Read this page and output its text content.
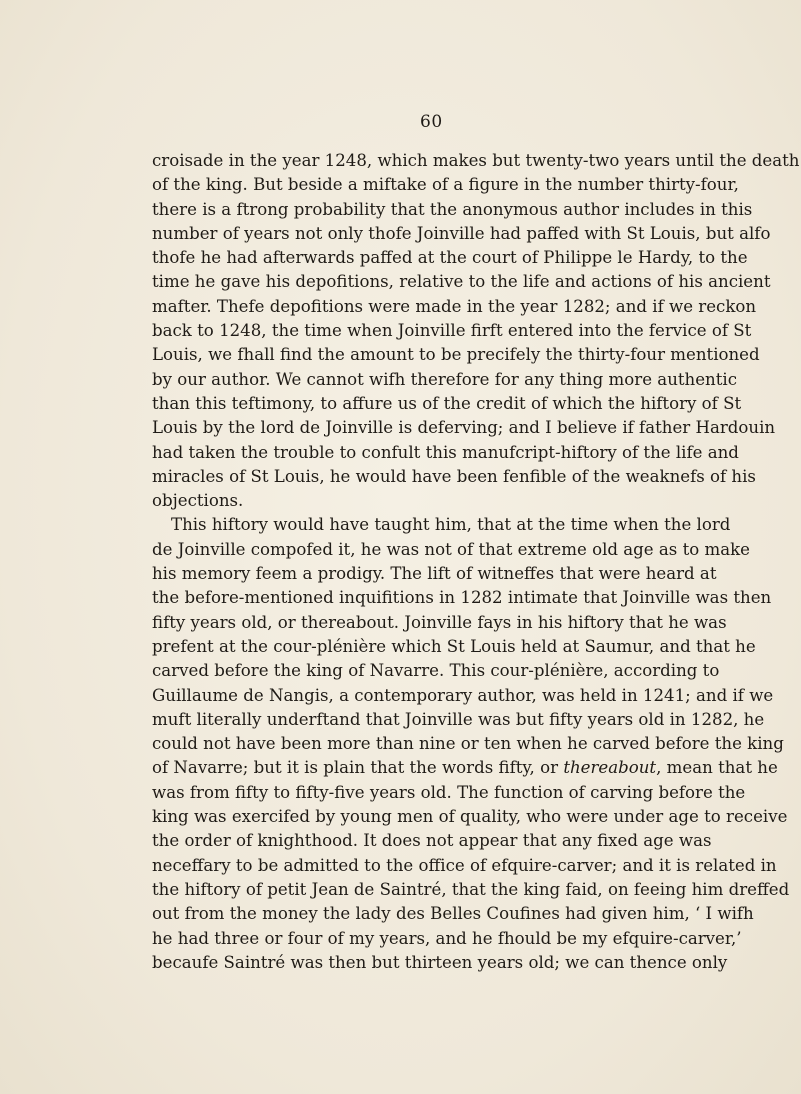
60
croisade in the year 1248, which makes but twenty-two years until the death
of the king. But beside a miftake of a figure in the number thirty-four,
there is a ftrong probability that the anonymous author includes in this
number of years not only thofe Joinville had paffed with St Louis, but alfo
thofe he had afterwards paffed at the court of Philippe le Hardy, to the
time he gave his depofitions, relative to the life and actions of his ancient
mafter. Thefe depofitions were made in the year 1282; and if we reckon
back to 1248, the time when Joinville firft entered into the fervice of St
Louis, we fhall find the amount to be precifely the thirty-four mentioned
by our author. We cannot wifh therefore for any thing more authentic
than this teftimony, to affure us of the credit of which the hiftory of St
Louis by the lord de Joinville is deferving; and I believe if father Hardouin
had taken the trouble to confult this manufcript-hiftory of the life and
miracles of St Louis, he would have been fenfible of the weaknefs of his
objections.
This hiftory would have taught him, that at the time when the lord
de Joinville compofed it, he was not of that extreme old age as to make
his memory feem a prodigy. The lift of witneffes that were heard at
the before-mentioned inquifitions in 1282 intimate that Joinville was then
fifty years old, or thereabout. Joinville fays in his hiftory that he was
prefent at the cour-plénière which St Louis held at Saumur, and that he
carved before the king of Navarre. This cour-plénière, according to
Guillaume de Nangis, a contemporary author, was held in 1241; and if we
muft literally underftand that Joinville was but fifty years old in 1282, he
could not have been more than nine or ten when he carved before the king
of Navarre; but it is plain that the words fifty, or thereabout, mean that he
was from fifty to fifty-five years old. The function of carving before the
king was exercifed by young men of quality, who were under age to receive
the order of knighthood. It does not appear that any fixed age was
neceffary to be admitted to the office of efquire-carver; and it is related in
the hiftory of petit Jean de Saintré, that the king faid, on feeing him dreffed
out from the money the lady des Belles Coufines had given him, ‘ I wifh
he had three or four of my years, and he fhould be my efquire-carver,’
becaufe Saintré was then but thirteen years old; we can thence only
